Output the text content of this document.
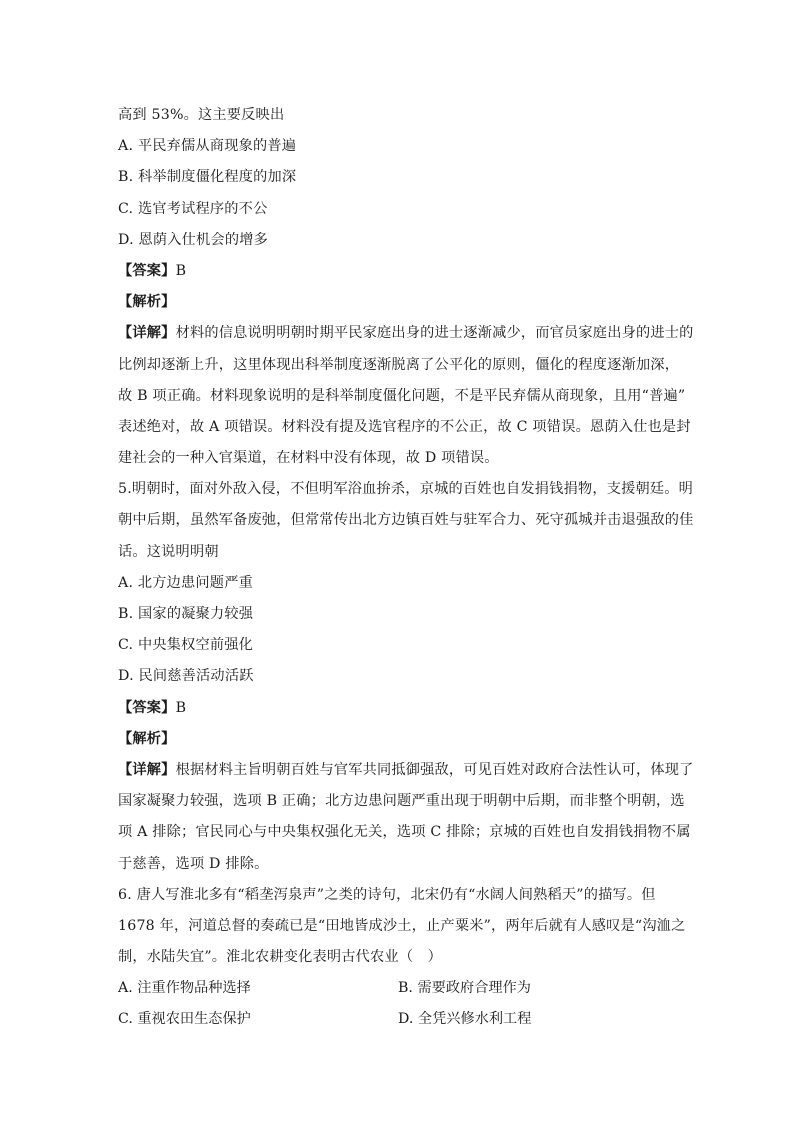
高到 53%。这主要反映出
A. 平民弃儒从商现象的普遍
B. 科举制度僵化程度的加深
C. 选官考试程序的不公
D. 恩荫入仕机会的增多
【答案】B
【解析】
【详解】材料的信息说明明朝时期平民家庭出身的进士逐渐减少，而官员家庭出身的进士的
比例却逐渐上升，这里体现出科举制度逐渐脱离了公平化的原则，僵化的程度逐渐加深，
故 B 项正确。材料现象说明的是科举制度僵化问题，不是平民弃儒从商现象，且用“普遍”
表述绝对，故 A 项错误。材料没有提及选官程序的不公正，故 C 项错误。恩荫入仕也是封
建社会的一种入官渠道，在材料中没有体现，故 D 项错误。
5.明朝时，面对外敌入侵，不但明军浴血拚杀，京城的百姓也自发捐钱捐物，支援朝廷。明
朝中后期，虽然军备废弛，但常常传出北方边镇百姓与驻军合力、死守孤城并击退强敌的佳
话。这说明明朝
A. 北方边患问题严重
B. 国家的凝聚力较强
C. 中央集权空前强化
D. 民间慈善活动活跃
【答案】B
【解析】
【详解】根据材料主旨明朝百姓与官军共同抵御强敌，可见百姓对政府合法性认可，体现了
国家凝聚力较强，选项 B 正确；北方边患问题严重出现于明朝中后期，而非整个明朝，选
项 A 排除；官民同心与中央集权强化无关，选项 C 排除；京城的百姓也自发捐钱捐物不属
于慈善，选项 D 排除。
6. 唐人写淮北多有“稻垄泻泉声”之类的诗句，北宋仍有“水阔人间熟稻天”的描写。但
1678 年，河道总督的奏疏已是“田地皆成沙土，止产粟米”，两年后就有人感叹是“沟洫之
制，水陆失宜”。淮北农耕变化表明古代农业（　）
A. 注重作物品种选择	B. 需要政府合理作为
C. 重视农田生态保护	D. 全凭兴修水利工程
